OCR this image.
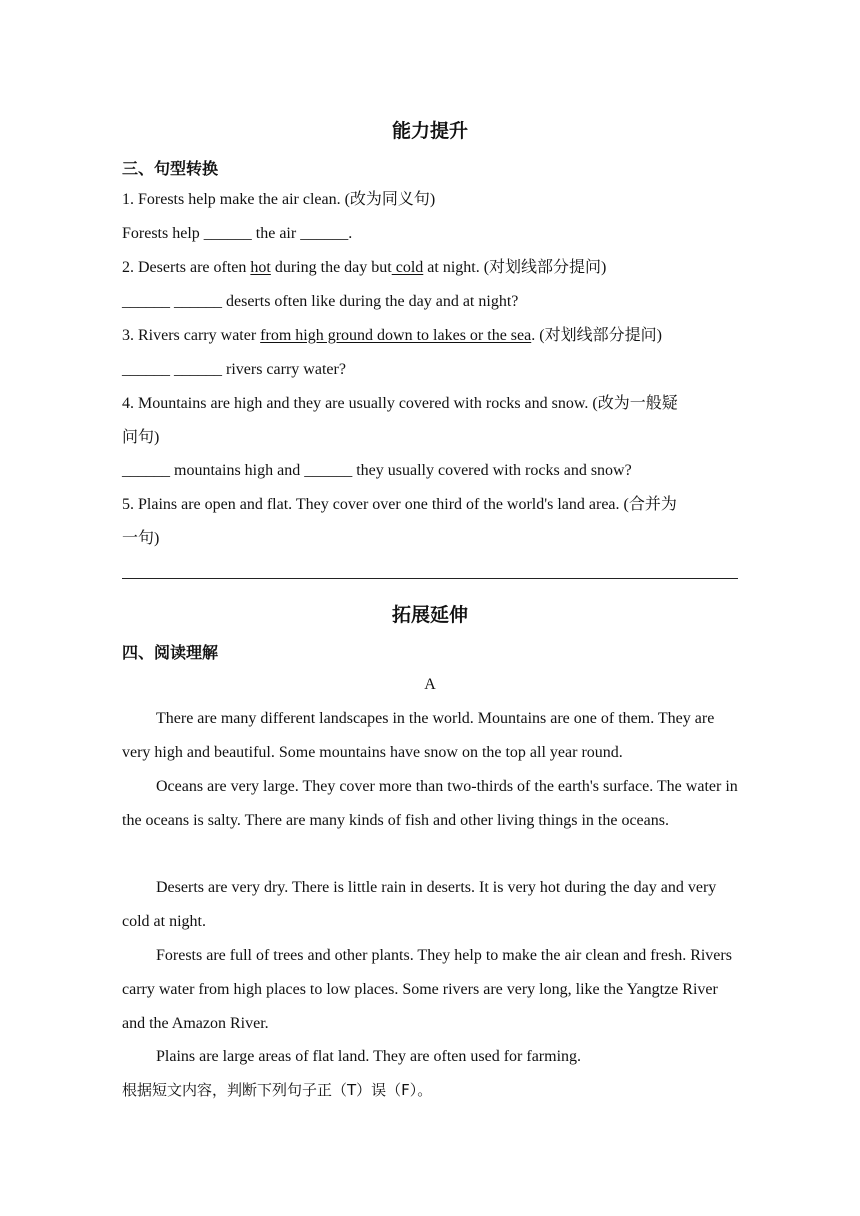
能力提升
三、句型转换
1. Forests help make the air clean. (改为同义句)
Forests help ______ the air ______.
2. Deserts are often hot during the day but cold at night. (对划线部分提问)
______ ______ deserts often like during the day and at night?
3. Rivers carry water from high ground down to lakes or the sea. (对划线部分提问)
______ ______ rivers carry water?
4. Mountains are high and they are usually covered with rocks and snow. (改为一般疑
问句)
______ mountains high and ______ they usually covered with rocks and snow?
5. Plains are open and flat. They cover over one third of the world's land area. (合并为
一句)
拓展延伸
四、阅读理解
A
There are many different landscapes in the world. Mountains are one of them. They are very high and beautiful. Some mountains have snow on the top all year round.
Oceans are very large. They cover more than two-thirds of the earth's surface. The water in the oceans is salty. There are many kinds of fish and other living things in the oceans.
Deserts are very dry. There is little rain in deserts. It is very hot during the day and very cold at night.
Forests are full of trees and other plants. They help to make the air clean and fresh. Rivers carry water from high places to low places. Some rivers are very long, like the Yangtze River and the Amazon River.
Plains are large areas of flat land. They are often used for farming.
根据短文内容，判断下列句子正（T）误（F）。
